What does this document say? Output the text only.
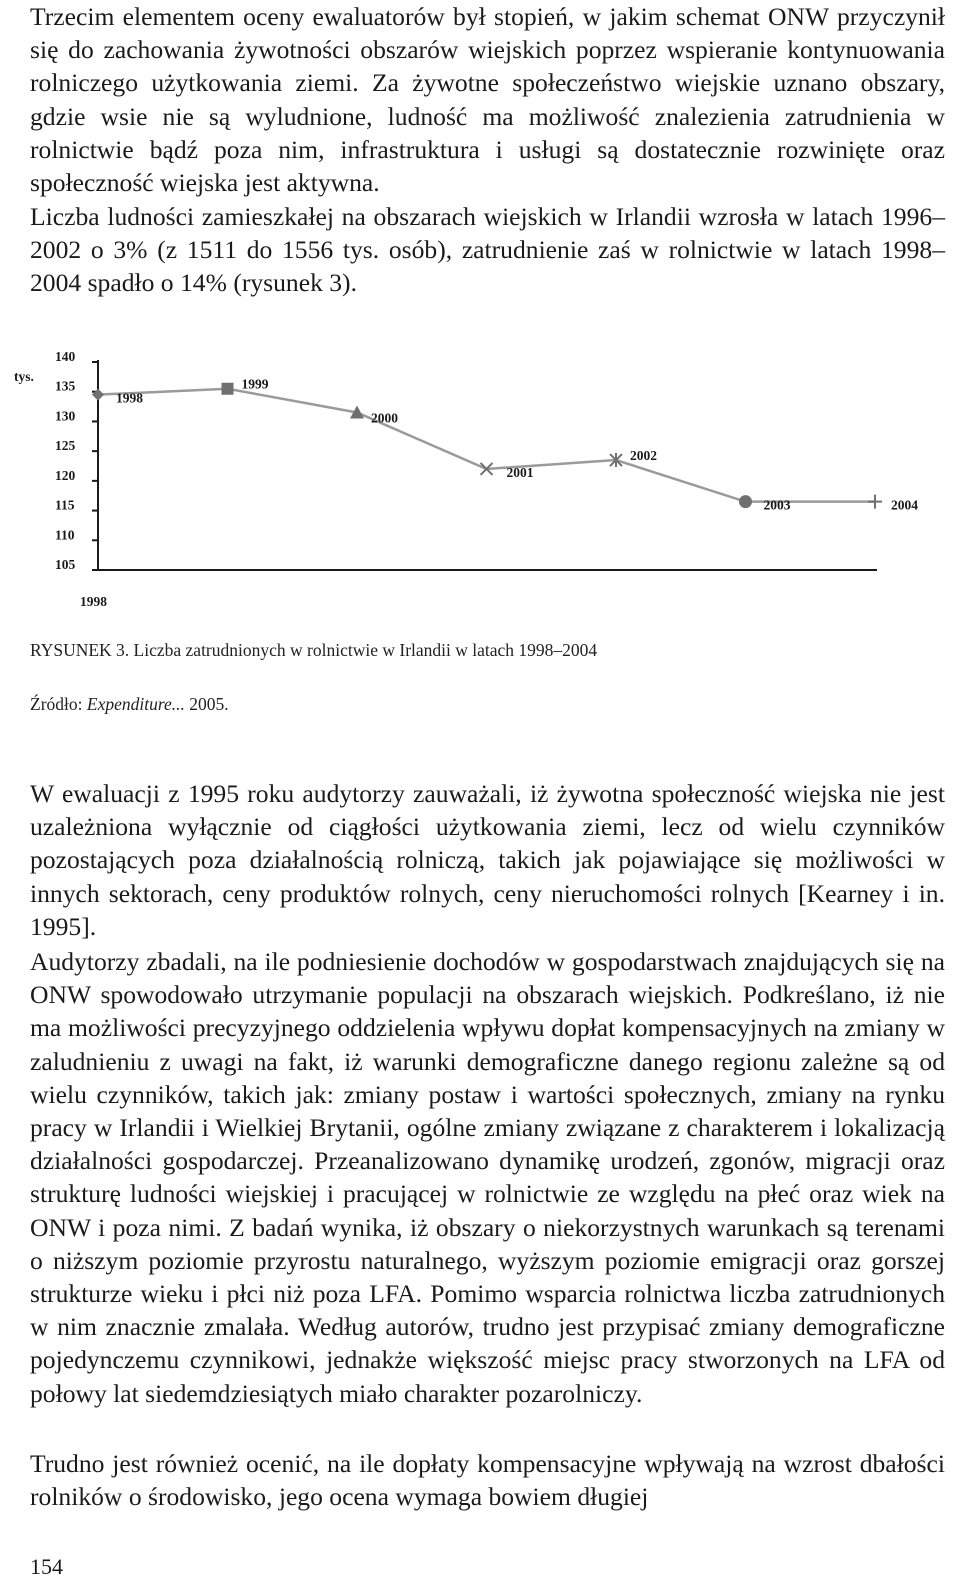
Trzecim elementem oceny ewaluatorów był stopień, w jakim schemat ONW przyczynił się do zachowania żywotności obszarów wiejskich poprzez wspieranie kontynuowania rolniczego użytkowania ziemi. Za żywotne społeczeństwo wiejskie uznano obszary, gdzie wsie nie są wyludnione, ludność ma możliwość znalezienia zatrudnienia w rolnictwie bądź poza nim, infrastruktura i usługi są dostatecznie rozwinięte oraz społeczność wiejska jest aktywna.

Liczba ludności zamieszkałej na obszarach wiejskich w Irlandii wzrosła w latach 1996–2002 o 3% (z 1511 do 1556 tys. osób), zatrudnienie zaś w rolnictwie w latach 1998–2004 spadło o 14% (rysunek 3).

140
135
130
125
120
115
110
105
tys.
1998
1998
1999
2000
2001
2002
2003	2004
RYSUNEK 3. Liczba zatrudnionych w rolnictwie w Irlandii w latach 1998–2004
Źródło: Expenditure... 2005.

W ewaluacji z 1995 roku audytorzy zauważali, iż żywotna społeczność wiejska nie jest uzależniona wyłącznie od ciągłości użytkowania ziemi, lecz od wielu czynników pozostających poza działalnością rolniczą, takich jak pojawiające się możliwości w innych sektorach, ceny produktów rolnych, ceny nieruchomości rolnych [Kearney i in. 1995].

Audytorzy zbadali, na ile podniesienie dochodów w gospodarstwach znajdujących się na ONW spowodowało utrzymanie populacji na obszarach wiejskich. Podkreślano, iż nie ma możliwości precyzyjnego oddzielenia wpływu dopłat kompensacyjnych na zmiany w zaludnieniu z uwagi na fakt, iż warunki demograficzne danego regionu zależne są od wielu czynników, takich jak: zmiany postaw i wartości społecznych, zmiany na rynku pracy w Irlandii i Wielkiej Brytanii, ogólne zmiany związane z charakterem i lokalizacją działalności gospodarczej. Przeanalizowano dynamikę urodzeń, zgonów, migracji oraz strukturę ludności wiejskiej i pracującej w rolnictwie ze względu na płeć oraz wiek na ONW i poza nimi. Z badań wynika, iż obszary o niekorzystnych warunkach są terenami o niższym poziomie przyrostu naturalnego, wyższym poziomie emigracji oraz gorszej strukturze wieku i płci niż poza LFA. Pomimo wsparcia rolnictwa liczba zatrudnionych w nim znacznie zmalała. Według autorów, trudno jest przypisać zmiany demograficzne pojedynczemu czynnikowi, jednakże większość miejsc pracy stworzonych na LFA od połowy lat siedemdziesiątych miało charakter pozarolniczy.

Trudno jest również ocenić, na ile dopłaty kompensacyjne wpływają na wzrost dbałości rolników o środowisko, jego ocena wymaga bowiem długiej

154
